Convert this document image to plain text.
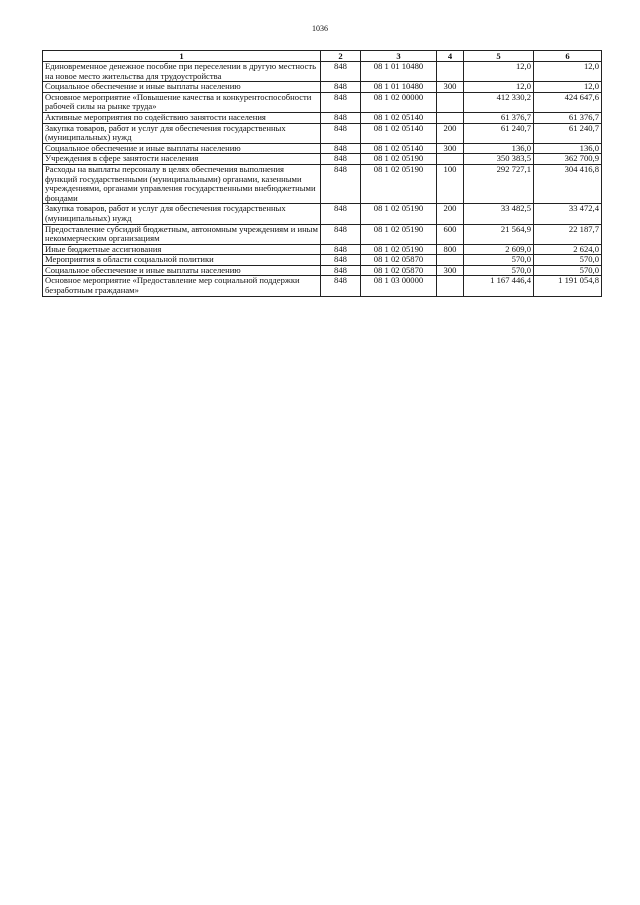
1036
1	2	3	4	5	6
Единовременное денежное пособие при переселении в другую местность на новое место жительства для трудоустройства	848	08 1 01 10480		12,0	12,0
Социальное обеспечение и иные выплаты населению	848	08 1 01 10480	300	12,0	12,0
Основное мероприятие «Повышение качества и конкурентоспособности рабочей силы на рынке труда»	848	08 1 02 00000		412 330,2	424 647,6
Активные мероприятия по содействию занятости населения	848	08 1 02 05140		61 376,7	61 376,7
Закупка товаров, работ и услуг для обеспечения государственных (муниципальных) нужд	848	08 1 02 05140	200	61 240,7	61 240,7
Социальное обеспечение и иные выплаты населению	848	08 1 02 05140	300	136,0	136,0
Учреждения в сфере занятости населения	848	08 1 02 05190		350 383,5	362 700,9
Расходы на выплаты персоналу в целях обеспечения выполнения функций государственными (муниципальными) органами, казенными учреждениями, органами управления государственными внебюджетными фондами	848	08 1 02 05190	100	292 727,1	304 416,8
Закупка товаров, работ и услуг для обеспечения государственных (муниципальных) нужд	848	08 1 02 05190	200	33 482,5	33 472,4
Предоставление субсидий бюджетным, автономным учреждениям и иным некоммерческим организациям	848	08 1 02 05190	600	21 564,9	22 187,7
Иные бюджетные ассигнования	848	08 1 02 05190	800	2 609,0	2 624,0
Мероприятия в области социальной политики	848	08 1 02 05870		570,0	570,0
Социальное обеспечение и иные выплаты населению	848	08 1 02 05870	300	570,0	570,0
Основное мероприятие «Предоставление мер социальной поддержки безработным гражданам»	848	08 1 03 00000		1 167 446,4	1 191 054,8
